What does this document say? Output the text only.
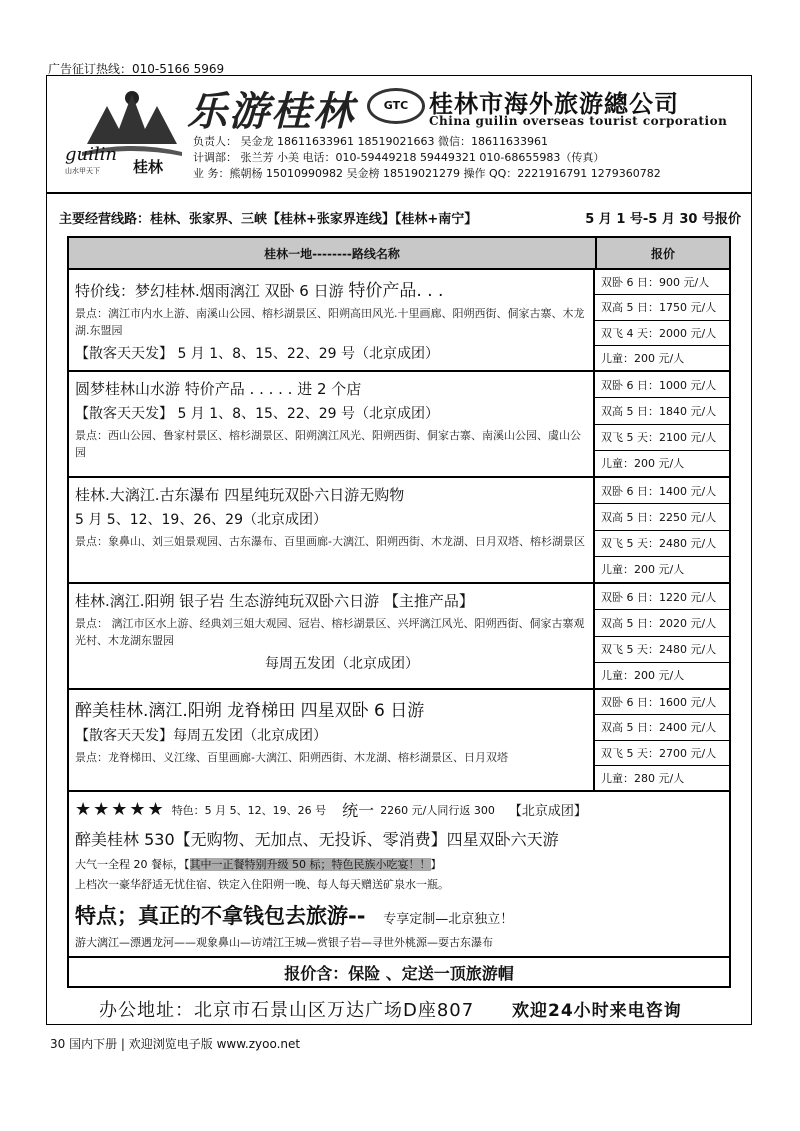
广告征订热线：010-5166 5969
guilin
山水甲天下 桂林
乐游桂林	GTC 桂林市海外旅游總公司
China guilin overseas tourist corporation
负责人： 吴金龙 18611633961 18519021663 微信：18611633961
计调部： 张兰芳 小美 电话：010-59449218 59449321 010-68655983（传真）
业 务：熊朝杨 15010990982 吴金榜 18519021279 操作 QQ：2221916791 1279360782
主要经营线路：桂林、张家界、三峡【桂林+张家界连线】【桂林+南宁】	5 月 1 号-5 月 30 号报价
桂林一地--------路线名称	报价
特价线：梦幻桂林.烟雨漓江 双卧 6 日游 特价产品. . .
景点：漓江市内水上游、南溪山公园、榕杉湖景区、阳朔高田风光.十里画廊、阳朔西街、侗家古寨、木龙湖.东盟园
【散客天天发】 5 月 1、8、15、22、29 号（北京成团）
双卧 6 日：900 元/人
双高 5 日：1750 元/人
双飞 4 天：2000 元/人
儿童：200 元/人
圆梦桂林山水游 特价产品 . . . . . 进 2 个店
【散客天天发】 5 月 1、8、15、22、29 号（北京成团）
景点：西山公园、鲁家村景区、榕杉湖景区、阳朔漓江风光、阳朔西街、侗家古寨、南溪山公园、虞山公园
双卧 6 日：1000 元/人
双高 5 日：1840 元/人
双飞 5 天：2100 元/人
儿童：200 元/人
桂林.大漓江.古东瀑布 四星纯玩双卧六日游无购物
5 月 5、12、19、26、29（北京成团）
景点：象鼻山、刘三姐景观园、古东瀑布、百里画廊-大漓江、阳朔西街、木龙湖、日月双塔、榕杉湖景区
双卧 6 日：1400 元/人
双高 5 日：2250 元/人
双飞 5 天：2480 元/人
儿童：200 元/人
桂林.漓江.阳朔 银子岩 生态游纯玩双卧六日游 【主推产品】
景点： 漓江市区水上游、经典刘三姐大观园、冠岩、榕杉湖景区、兴坪漓江风光、阳朔西街、侗家古寨观光村、木龙湖东盟园
每周五发团（北京成团）
双卧 6 日：1220 元/人
双高 5 日：2020 元/人
双飞 5 天：2480 元/人
儿童：200 元/人
醉美桂林.漓江.阳朔 龙脊梯田 四星双卧 6 日游
【散客天天发】每周五发团（北京成团）
景点：龙脊梯田、义江缘、百里画廊-大漓江、阳朔西街、木龙湖、榕杉湖景区、日月双塔
双卧 6 日：1600 元/人
双高 5 日：2400 元/人
双飞 5 天：2700 元/人
儿童：280 元/人
★★★★★ 特色：5 月 5、12、19、26 号 统一 2260 元/人同行返 300 【北京成团】
醉美桂林 530【无购物、无加点、无投诉、零消费】四星双卧六天游
大气一全程 20 餐标，【其中一正餐特别升级 50 标；特色民族小吃宴！！】
上档次一豪华舒适无忧住宿、铁定入住阳朔一晚、每人每天赠送矿泉水一瓶。
特点；真正的不拿钱包去旅游-- 专享定制—北京独立！
游大漓江—漂遇龙河——观象鼻山—访靖江王城—赏银子岩—寻世外桃源—耍古东瀑布
报价含：保险 、定送一顶旅游帽
办公地址：北京市石景山区万达广场D座807 欢迎24小时来电咨询
30 国内下册 | 欢迎浏览电子版 www.zyoo.net
